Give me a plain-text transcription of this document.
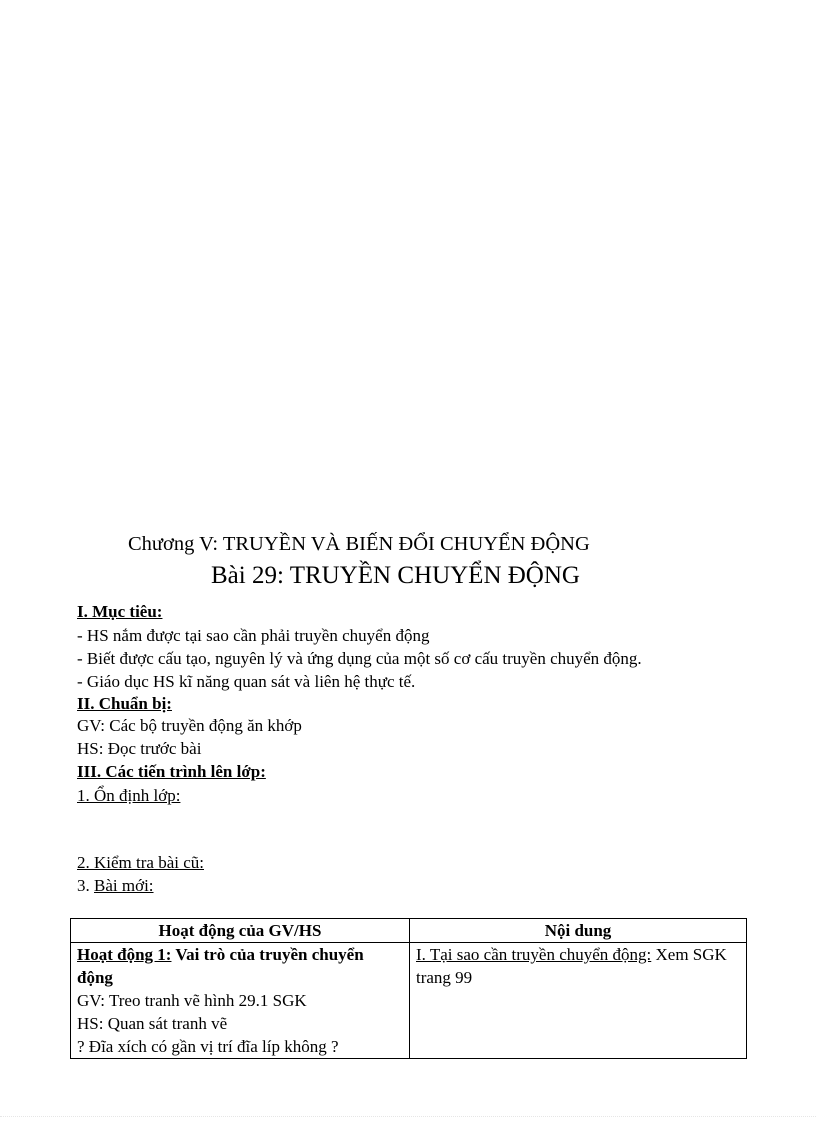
Chương V: TRUYỀN VÀ BIẾN ĐỔI CHUYỂN ĐỘNG
Bài 29: TRUYỀN CHUYỂN ĐỘNG
I. Mục tiêu:
- HS nắm được tại sao cần phải truyền chuyển động
- Biết được cấu tạo, nguyên lý và ứng dụng của một số cơ cấu truyền chuyển động.
- Giáo dục HS kĩ năng quan sát và liên hệ thực tế.
II. Chuẩn bị:
GV: Các bộ truyền động ăn khớp
HS: Đọc trước bài
III. Các tiến trình lên lớp:
1. Ổn định lớp:
2. Kiểm tra bài cũ:
3. Bài mới:
Hoạt động của GV/HS	Nội dung

Hoạt động 1: Vai trò của truyền chuyển động
GV: Treo tranh vẽ hình 29.1 SGK
HS: Quan sát tranh vẽ
? Đĩa xích có gần vị trí đĩa líp không ?	I. Tại sao cần truyền chuyển động: Xem SGK trang 99
